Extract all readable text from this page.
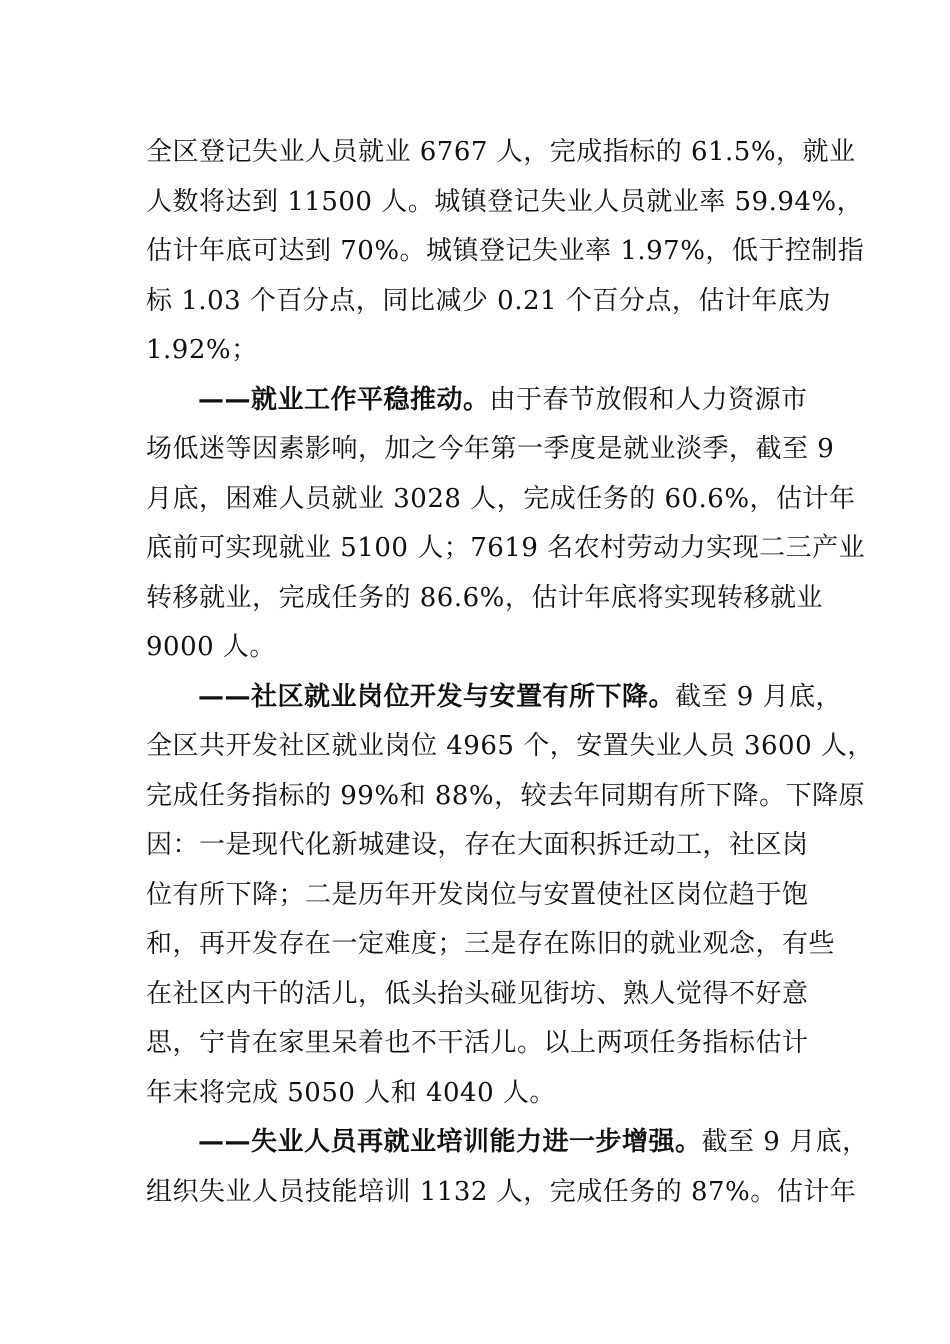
全区登记失业人员就业 6767 人，完成指标的 61.5%，就业
人数将达到 11500 人。城镇登记失业人员就业率 59.94%，
估计年底可达到 70%。城镇登记失业率 1.97%，低于控制指
标 1.03 个百分点，同比减少 0.21 个百分点，估计年底为
1.92%；
——就业工作平稳推动。由于春节放假和人力资源市
场低迷等因素影响，加之今年第一季度是就业淡季，截至 9
月底，困难人员就业 3028 人，完成任务的 60.6%，估计年
底前可实现就业 5100 人；7619 名农村劳动力实现二三产业
转移就业，完成任务的 86.6%，估计年底将实现转移就业
9000 人。
——社区就业岗位开发与安置有所下降。截至 9 月底，
全区共开发社区就业岗位 4965 个，安置失业人员 3600 人，
完成任务指标的 99%和 88%，较去年同期有所下降。下降原
因：一是现代化新城建设，存在大面积拆迁动工，社区岗
位有所下降；二是历年开发岗位与安置使社区岗位趋于饱
和，再开发存在一定难度；三是存在陈旧的就业观念，有些
在社区内干的活儿，低头抬头碰见街坊、熟人觉得不好意
思，宁肯在家里呆着也不干活儿。以上两项任务指标估计
年末将完成 5050 人和 4040 人。
——失业人员再就业培训能力进一步增强。截至 9 月底，
组织失业人员技能培训 1132 人，完成任务的 87%。估计年
